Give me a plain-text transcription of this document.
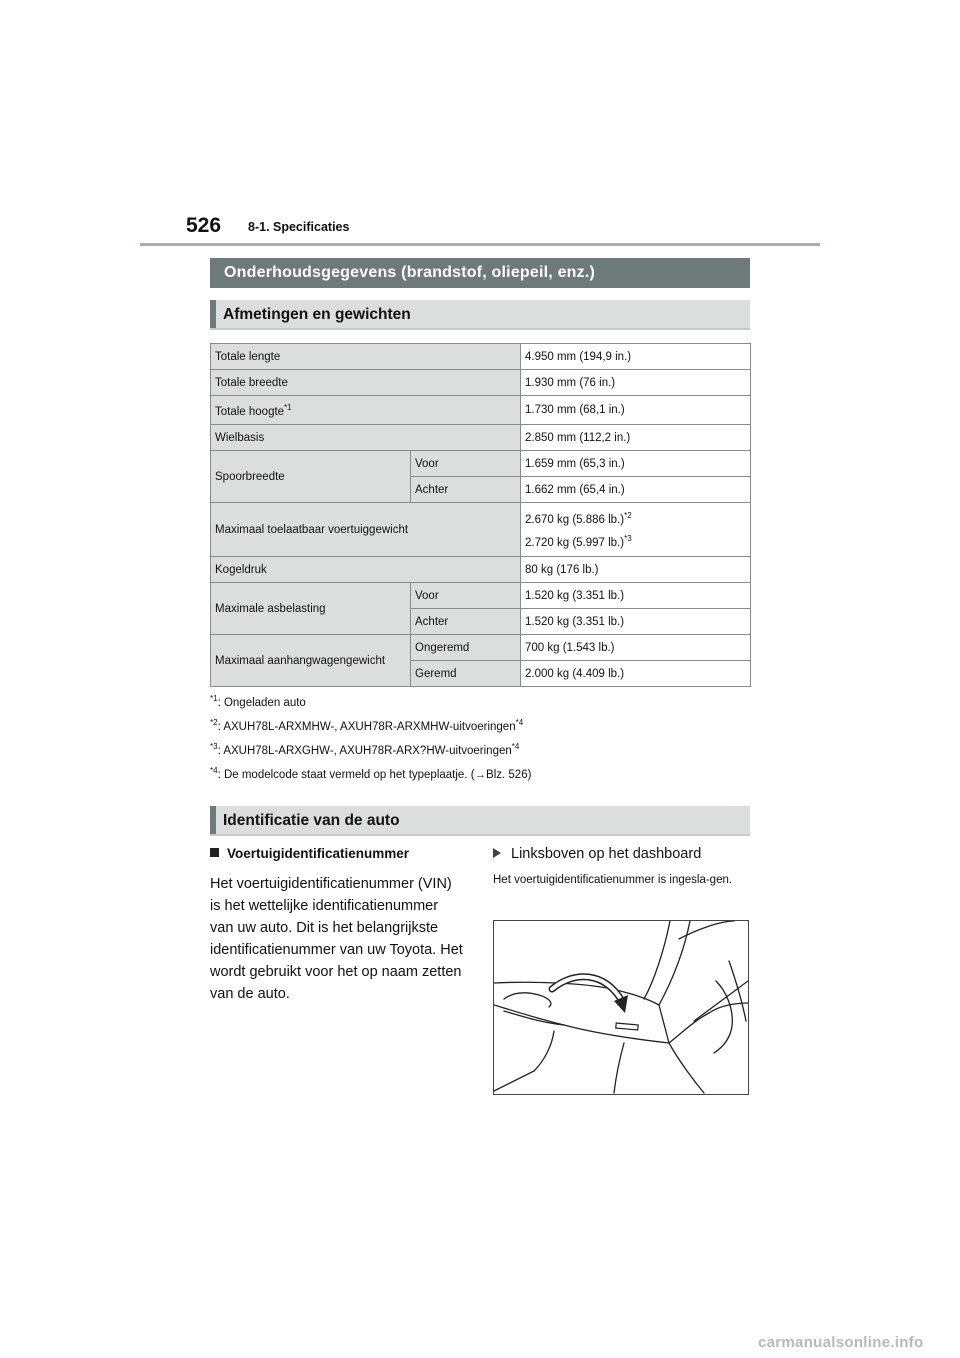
526 8-1. Specificaties
Onderhoudsgegevens (brandstof, oliepeil, enz.)
Afmetingen en gewichten
Totale lengte		4.950 mm (194,9 in.)
Totale breedte		1.930 mm (76 in.)
Totale hoogte$^{*1}$		1.730 mm (68,1 in.)
Wielbasis		2.850 mm (112,2 in.)
Spoorbreedte	Voor	1.659 mm (65,3 in.)
	Achter	1.662 mm (65,4 in.)
Maximaal toelaatbaar voertuiggewicht		2.670 kg (5.886 lb.)$^{*2}$
2.720 kg (5.997 lb.)$^{*3}$

Kogeldruk		80 kg (176 lb.)
Maximale asbelasting	Voor	1.520 kg (3.351 lb.)
	Achter	1.520 kg (3.351 lb.)
Maximaal aanhangwagengewicht	Ongeremd	700 kg (1.543 lb.)
	Geremd	2.000 kg (4.409 lb.)
$^{*1}$: Ongeladen auto
$^{*2}$: AXUH78L-ARXMHW-, AXUH78R-ARXMHW-uitvoeringen$^{*4}$
$^{*3}$: AXUH78L-ARXGHW-, AXUH78R-ARX?HW-uitvoeringen$^{*4}$
$^{*4}$: De modelcode staat vermeld op het typeplaatje. (→Blz. 526)
Identificatie van de auto

Voertuigidentificatienummer

Het voertuigidentificatienummer (VIN) is het wettelijke identificatienummer van uw auto. Dit is het belangrijkste identificatienummer van uw Toyota. Het wordt gebruikt voor het op naam zetten van de auto.

Linksboven op het dashboard

Het voertuigidentificatienummer is ingesla-gen.

carmanualsonline.info
